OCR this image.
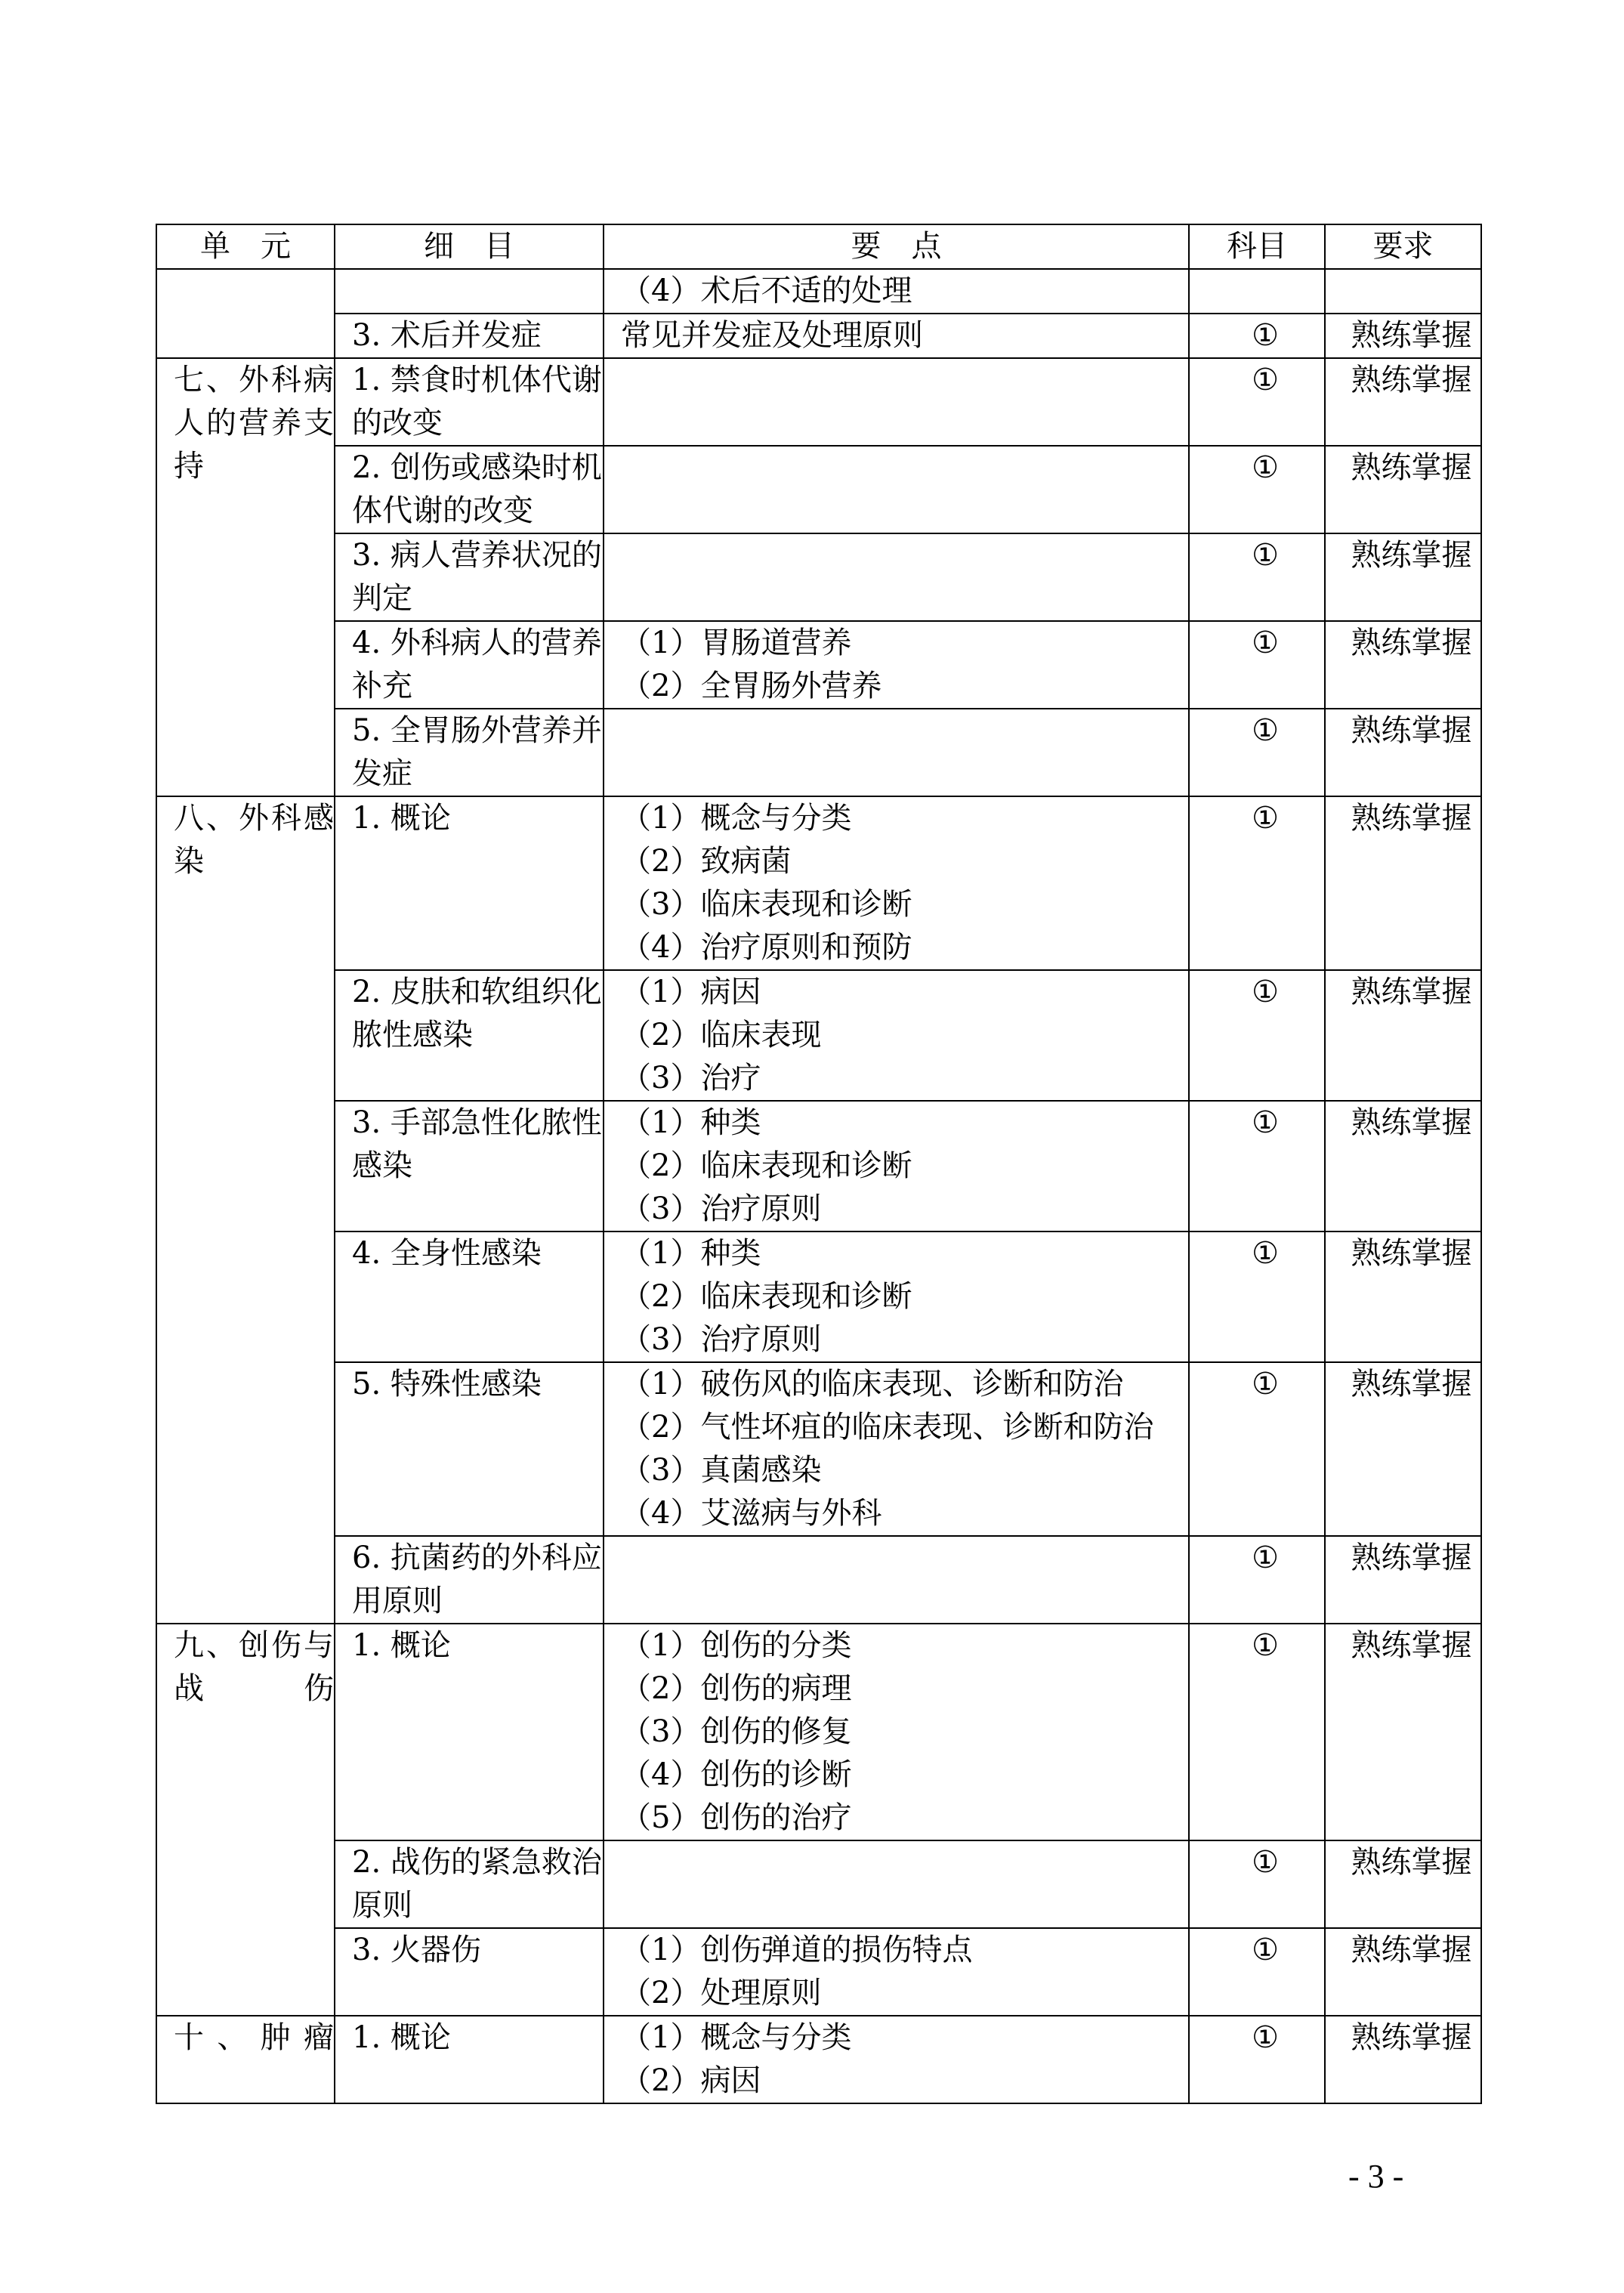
单　元	细　目	要　点	科目	要求

		（4）术后不适的处理		

	3. 术后并发症	常见并发症及处理原则	①	熟练掌握
七、外科病人的营养支持	1. 禁食时机体代谢的改变		①	熟练掌握
	2. 创伤或感染时机体代谢的改变		①	熟练掌握
	3. 病人营养状况的判定		①	熟练掌握
	4. 外科病人的营养补充	（1）胃肠道营养
（2）全胃肠外营养	①	熟练掌握
	5. 全胃肠外营养并发症		①	熟练掌握
八、外科感染	1. 概论	（1）概念与分类
（2）致病菌
（3）临床表现和诊断
（4）治疗原则和预防	①	熟练掌握
	2. 皮肤和软组织化脓性感染	（1）病因
（2）临床表现
（3）治疗	①	熟练掌握
	3. 手部急性化脓性感染	（1）种类
（2）临床表现和诊断
（3）治疗原则	①	熟练掌握
	4. 全身性感染	（1）种类
（2）临床表现和诊断
（3）治疗原则	①	熟练掌握
	5. 特殊性感染	（1）破伤风的临床表现、诊断和防治
（2）气性坏疽的临床表现、诊断和防治
（3）真菌感染
（4）艾滋病与外科	①	熟练掌握
	6. 抗菌药的外科应用原则		①	熟练掌握
九、创伤与战伤	1. 概论	（1）创伤的分类
（2）创伤的病理
（3）创伤的修复
（4）创伤的诊断
（5）创伤的治疗	①	熟练掌握
	2. 战伤的紧急救治原则		①	熟练掌握
	3. 火器伤	（1）创伤弹道的损伤特点
（2）处理原则	①	熟练掌握
十、肿瘤	1. 概论	（1）概念与分类
（2）病因	①	熟练掌握
- 3 -
